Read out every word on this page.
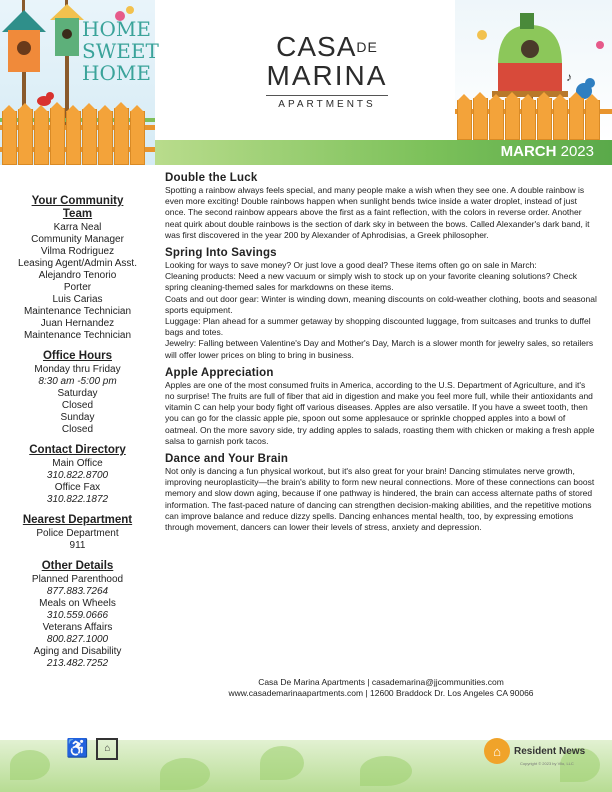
HOME
SWEET
HOME
$CASA^{DE}$
MARINA
APARTMENTS
♪
MARCH 2023
Your Community Team
Karra Neal
Community Manager
Vilma Rodriguez
Leasing Agent/Admin Asst.
Alejandro Tenorio
Porter
Luis Carias
Maintenance Technician
Juan Hernandez
Maintenance Technician
Office Hours
Monday thru Friday
8:30 am -5:00 pm
Saturday
Closed
Sunday
Closed
Contact Directory
Main Office
310.822.8700
Office Fax
310.822.1872
Nearest Department
Police Department
911
Other Details
Planned Parenthood
877.883.7264
Meals on Wheels
310.559.0666
Veterans Affairs
800.827.1000
Aging and Disability
213.482.7252
Double the Luck

Spotting a rainbow always feels special, and many people make a wish when they see one. A double rainbow is even more exciting! Double rainbows happen when sunlight bends twice inside a water droplet, instead of just once. The second rainbow appears above the first as a faint reflection, with the colors in reverse order. Another neat quirk about double rainbows is the section of dark sky in between the bows. Called Alexander's dark band, it was first discovered in the year 200 by Alexander of Aphrodisias, a Greek philosopher.

Spring Into Savings

Looking for ways to save money? Or just love a good deal? These items often go on sale in March:
Cleaning products: Need a new vacuum or simply wish to stock up on your favorite cleaning solutions? Check spring cleaning-themed sales for markdowns on these items.
Coats and out door gear: Winter is winding down, meaning discounts on cold-weather clothing, boots and seasonal sports equipment.
Luggage: Plan ahead for a summer getaway by shopping discounted luggage, from suitcases and trunks to duffel bags and totes.
Jewelry: Falling between Valentine's Day and Mother's Day, March is a slower month for jewelry sales, so retailers will offer lower prices on bling to bring in business.

Apple Appreciation

Apples are one of the most consumed fruits in America, according to the U.S. Department of Agriculture, and it's no surprise! The fruits are full of fiber that aid in digestion and make you feel more full, while their antioxidants and vitamin C can help your body fight off various diseases. Apples are also versatile. If you have a sweet tooth, then you can go for the classic apple pie, spoon out some applesauce or sprinkle chopped apples into a bowl of oatmeal. On the more savory side, try adding apples to salads, roasting them with chicken or making a fresh apple salsa to garnish pork tacos.

Dance and Your Brain

Not only is dancing a fun physical workout, but it's also great for your brain! Dancing stimulates nerve growth, improving neuroplasticity—the brain's ability to form new neural connections. More of these connections can boost memory and slow down aging, because if one pathway is hindered, the brain can access alternate paths of stored information. The fast-paced nature of dancing can strengthen decision-making abilities, and the repetitive motions can improve balance and reduce dizzy spells. Dancing enhances mental health, too, by expressing emotions through movement, dancers can lower their levels of stress, anxiety and depression.

Casa De Marina Apartments | casademarina@jjcommunities.com
www.casademarinaapartments.com | 12600 Braddock Dr. Los Angeles CA 90066
♿	⌂	⌂	Resident News
Copyright © 2023 by Vilo, LLC
